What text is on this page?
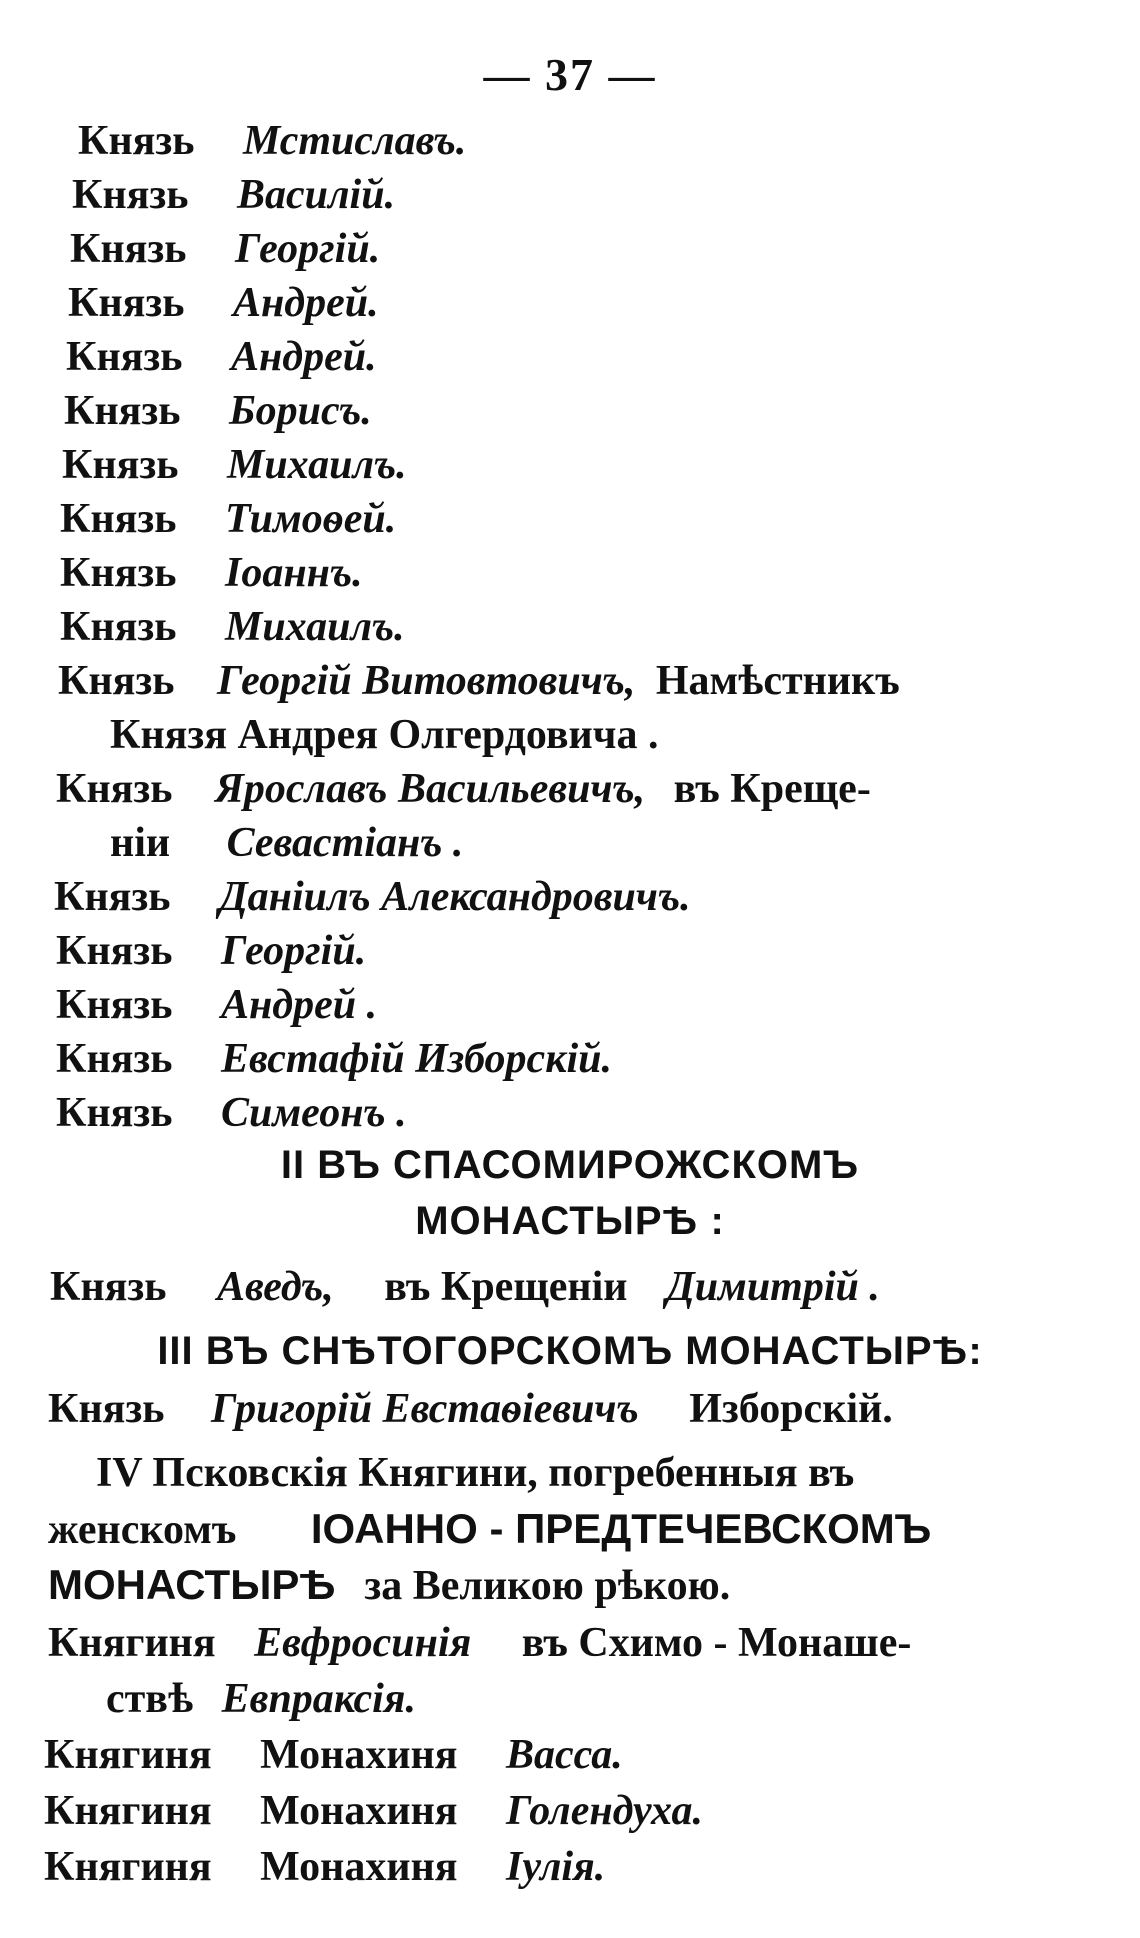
— 37 —
Князь Мстиславъ.
Князь Василій.
Князь Георгій.
Князь Андрей.
Князь Андрей.
Князь Борисъ.
Князь Михаилъ.
Князь Тимоѳей.
Князь Іоаннъ.
Князь Михаилъ.
Князь Георгій Витовтовичъ, Намѣстникъ
Князя Андрея Олгердовича .
Князь Ярославъ Васильевичъ, въ Креще-
ніи Севастіанъ .
Князь Даніилъ Александровичъ.
Князь Георгій.
Князь Андрей .
Князь Евстафій Изборскій.
Князь Симеонъ .
II ВЪ СПАСОМИРОЖСКОМЪ
МОНАСТЫРѢ :
Князь Аведъ, въ Крещеніи Димитрій .
III ВЪ СНѢТОГОРСКОМЪ МОНАСТЫРѢ:
Князь Григорій Евстаѳіевичъ Изборскій.
IV Псковскія Княгини, погребенныя въ
женскомъ ІОАННО - ПРЕДТЕЧЕВСКОМЪ
МОНАСТЫРѢ за Великою рѣкою.
Княгиня Евфросинія въ Схимо - Монаше-
ствѣ Евпраксія.
Княгиня Монахиня Васса.
Княгиня Монахиня Голендуха.
Княгиня Монахиня Іулія.
